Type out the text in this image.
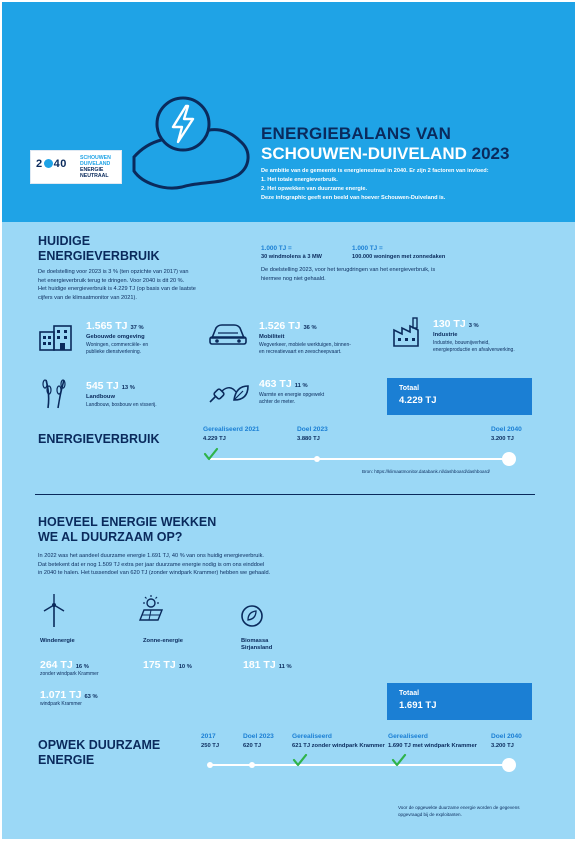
2 40	SCHOUWEN
DUIVELAND
ENERGIE
NEUTRAAL
ENERGIEBALANS VAN
SCHOUWEN-DUIVELAND 2023
De ambitie van de gemeente is energieneutraal in 2040. Er zijn 2 factoren van invloed:
1. Het totale energieverbruik.
2. Het opwekken van duurzame energie.
Deze infographic geeft een beeld van hoever Schouwen-Duiveland is.
HUIDIGE
ENERGIEVERBRUIK
De doelstelling voor 2023 is 3 % (ten opzichte van 2017) van
het energieverbruik terug te dringen. Voor 2040 is dit 20 %.
Het huidige energieverbruik is 4.229 TJ (op basis van de laatste
cijfers van de klimaatmonitor van 2021).
1.000 TJ =
30 windmolens à 3 MW
1.000 TJ =
100.000 woningen met zonnedaken
De doelstelling 2023, voor het terugdringen van het energieverbruik, is
hiermee nog niet gehaald.
1.565 TJ 37 %
Gebouwde omgeving
Woningen, commerciële- en
publieke dienstverlening.
1.526 TJ 36 %
Mobiliteit
Wegverkeer, mobiele werktuigen, binnen-
en recreatievaart en zeescheepvaart.
130 TJ 3 %
Industrie
Industrie, bouwnijverheid,
energieproductie en afvalverwerking.
545 TJ 13 %
Landbouw
Landbouw, bosbouw en visserij.
463 TJ 11 %
Warmte en energie opgewekt
achter de meter.
Totaal
4.229 TJ
ENERGIEVERBRUIK
Gerealiseerd 2021
4.229 TJ
Doel 2023
3.880 TJ
Doel 2040
3.200 TJ
Bron: https://klimaatmonitor.databank.nl/dashboard/dashboard/
HOEVEEL ENERGIE WEKKEN
WE AL DUURZAAM OP?
In 2022 was het aandeel duurzame energie 1.691 TJ, 40 % van ons huidig energieverbruik.
Dat betekent dat er nog 1.509 TJ extra per jaar duurzame energie nodig is om ons einddoel
in 2040 te halen. Het tussendoel van 620 TJ (zonder windpark Krammer) hebben we gehaald.
Windenergie	Zonne-energie	Biomassa
Sirjansland
264 TJ 16 %
zonder windpark Krammer
175 TJ 10 %	181 TJ 11 %
1.071 TJ 63 %
windpark Krammer
Totaal
1.691 TJ
OPWEK DUURZAME
ENERGIE
2017
250 TJ
Doel 2023
620 TJ
Gerealiseerd
621 TJ zonder windpark Krammer
Gerealiseerd
1.690 TJ met windpark Krammer
Doel 2040
3.200 TJ
Voor de opgewekte duurzame energie worden de gegevens
opgevraagd bij de exploitanten.
